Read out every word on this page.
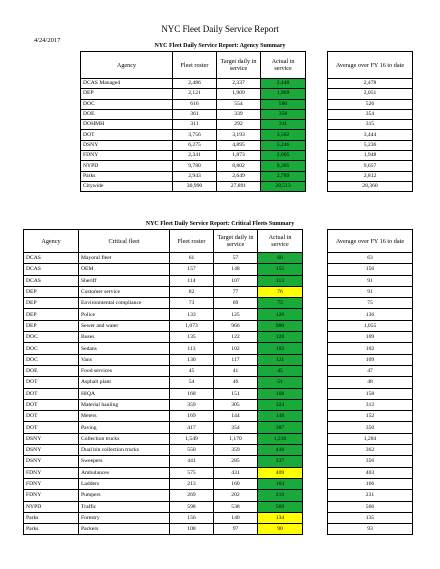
NYC Fleet Daily Service Report
4/24/2017
NYC Fleet Daily Service Report: Agency Summary
Agency	Fleet roster	Target daily in service	Actual in service		Average over FY 16 to date
DCAS Managed	2,486	2,337	2,448		2,478
DEP	2,121	1,909	1,969		2,051
DOC	616	554	580		526
DOE	361	339	358		354
DOHMH	311	292	311		315
DOT	3,756	3,193	3,502		3,444
DSNY	6,275	4,895	5,246		5,236
FDNY	2,341	1,873	2,005		1,948
NYPD	9,780	8,802	9,305		9,657
Parks	2,943	2,649	2,789		2,812
Citywide	30,990	27,891	28,513		28,360
NYC Fleet Daily Service Report: Critical Fleets Summary
Agency	Critical fleet	Fleet roster	Target daily in service	Actual in service		Average over FY 16 to date
DCAS	Mayoral fleet	61	57	60		63
DCAS	OEM	157	148	155		156
DCAS	Sheriff	114	107	113		91
DEP	Customer service	82	77	76		91
DEP	Environmental compliance	73	69	73		75
DEP	Police	133	125	126		136
DEP	Sewer and water	1,073	966	980		1,055
DOC	Buses	135	122	128		109
DOC	Sedans	113	102	102		102
DOC	Vans	130	117	121		109
DOE	Food services	45	41	45		47
DOT	Asphalt plant	54	46	51		48
DOT	HIQA	168	151	168		158
DOT	Material hauling	359	305	324		312
DOT	Meters	169	144	148		152
DOT	Paving	417	354	387		350
DSNY	Collection trucks	1,549	1,170	1,230		1,284
DSNY	Dual bin collection trucks	550	359	416		362
DSNY	Sweepers	441	285	337		356
FDNY	Ambulances	575	431	409		403
FDNY	Ladders	213	160	164		166
FDNY	Pumpers	269	202	219		231
NYPD	Traffic	598	538	569		566
Parks	Forestry	156	140	134		135
Parks	Packers	108	97	90		93
